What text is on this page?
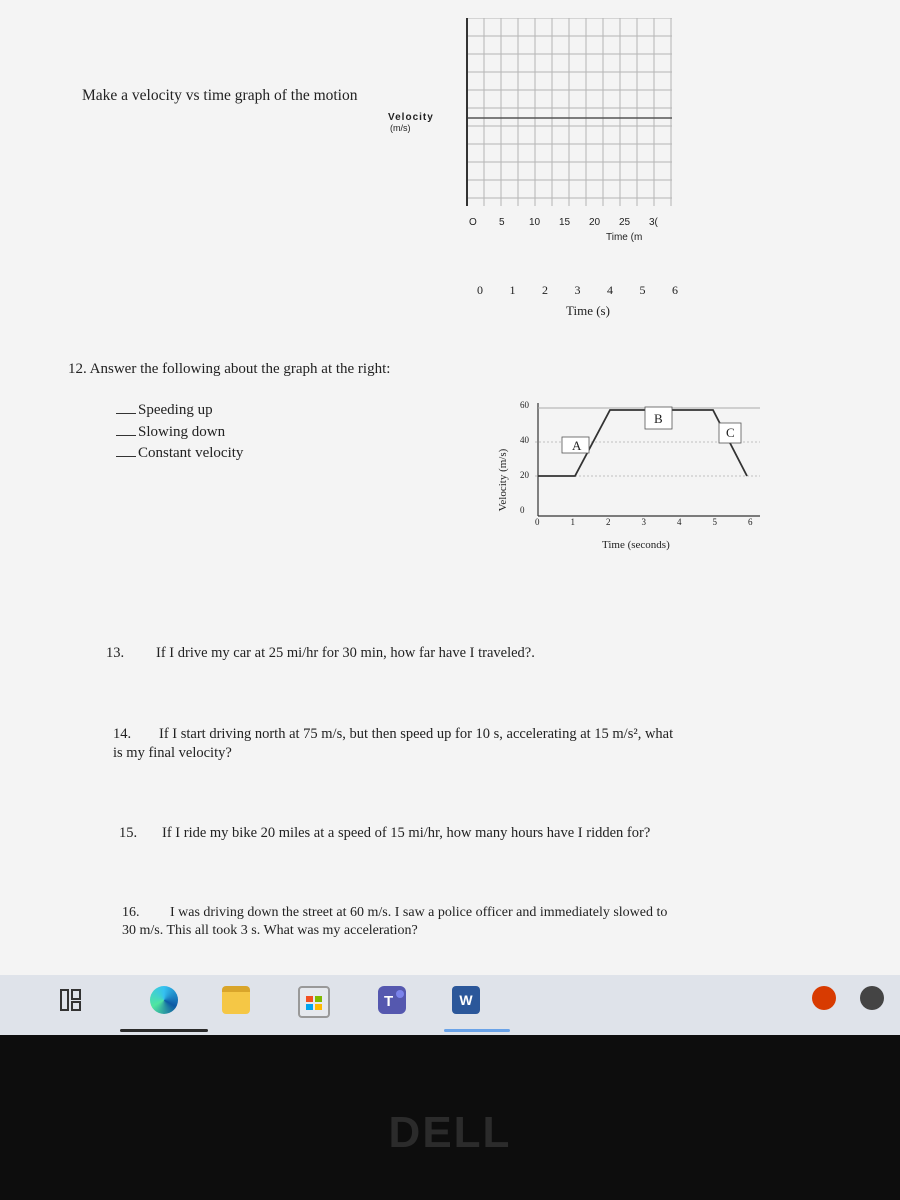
Make a velocity vs time graph of the motion
Velocity
(m/s)
O 5 10 15 20 25 3(
Time (m
0 1 2 3 4 5 6
Time (s)
12. Answer the following about the graph at the right:
Speeding up
Slowing down
Constant velocity	Velocity (m/s)
60
40
20
0
A
B
C
0	1	2	3	4	5	6
Time (seconds)
13. If I drive my car at 25 mi/hr for 30 min, how far have I traveled?.
14. If I start driving north at 75 m/s, but then speed up for 10 s, accelerating at 15 m/s², what
is my final velocity?
15. If I ride my bike 20 miles at a speed of 15 mi/hr, how many hours have I ridden for?
16. I was driving down the street at 60 m/s. I saw a police officer and immediately slowed to
30 m/s. This all took 3 s. What was my acceleration?
T	W
DELL
